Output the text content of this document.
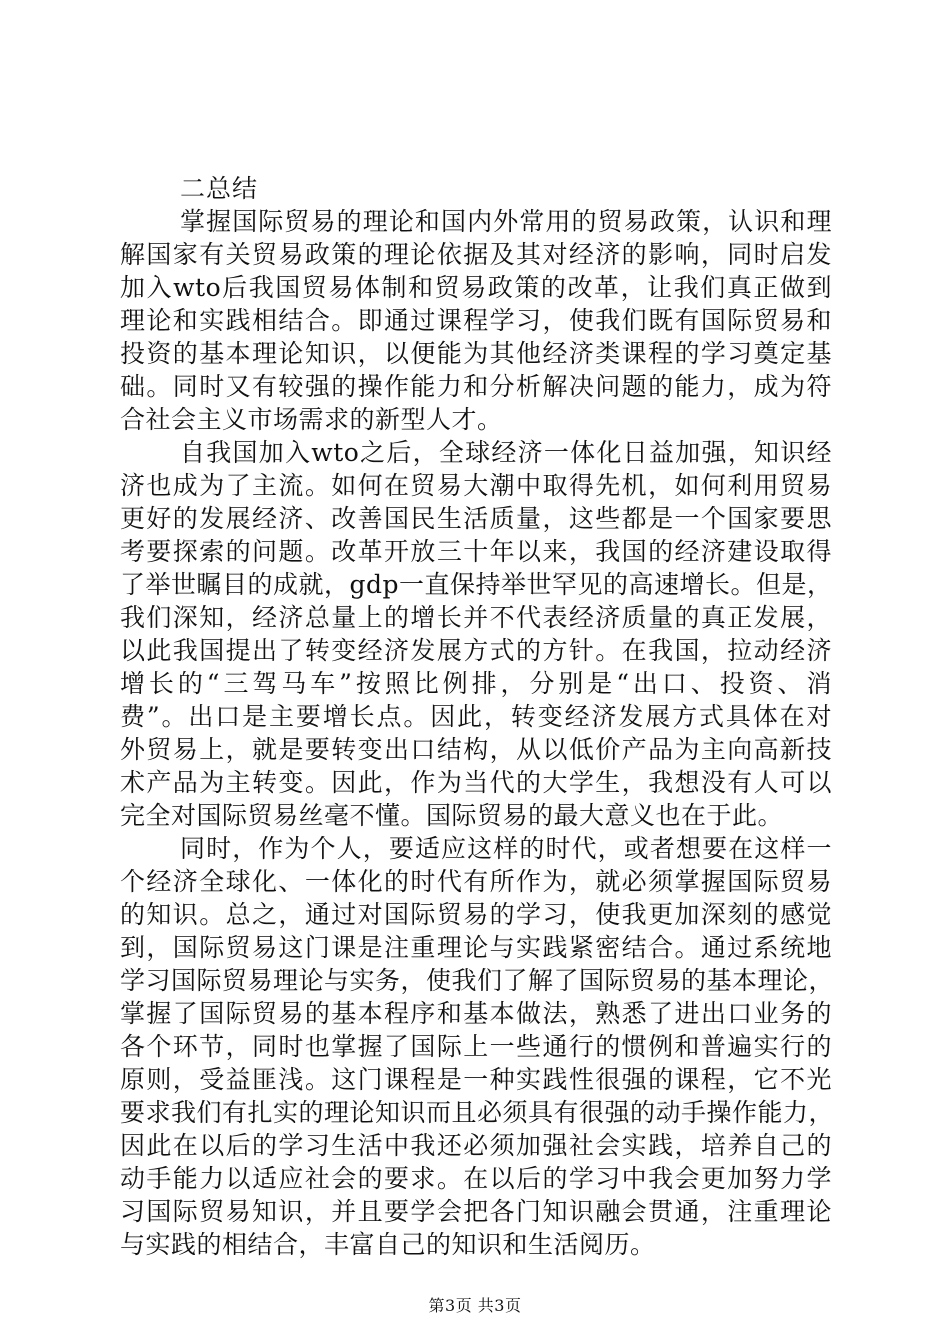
二总结
掌握国际贸易的理论和国内外常用的贸易政策，认识和理
解国家有关贸易政策的理论依据及其对经济的影响，同时启发
加入wto后我国贸易体制和贸易政策的改革，让我们真正做到
理论和实践相结合。即通过课程学习，使我们既有国际贸易和
投资的基本理论知识，以便能为其他经济类课程的学习奠定基
础。同时又有较强的操作能力和分析解决问题的能力，成为符
合社会主义市场需求的新型人才。
自我国加入wto之后，全球经济一体化日益加强，知识经
济也成为了主流。如何在贸易大潮中取得先机，如何利用贸易
更好的发展经济、改善国民生活质量，这些都是一个国家要思
考要探索的问题。改革开放三十年以来，我国的经济建设取得
了举世瞩目的成就，gdp一直保持举世罕见的高速增长。但是，
我们深知，经济总量上的增长并不代表经济质量的真正发展，
以此我国提出了转变经济发展方式的方针。在我国，拉动经济
增长的“三驾马车”按照比例排，分别是“出口、投资、消
费”。出口是主要增长点。因此，转变经济发展方式具体在对
外贸易上，就是要转变出口结构，从以低价产品为主向高新技
术产品为主转变。因此，作为当代的大学生，我想没有人可以
完全对国际贸易丝毫不懂。国际贸易的最大意义也在于此。
同时，作为个人，要适应这样的时代，或者想要在这样一
个经济全球化、一体化的时代有所作为，就必须掌握国际贸易
的知识。总之，通过对国际贸易的学习，使我更加深刻的感觉
到，国际贸易这门课是注重理论与实践紧密结合。通过系统地
学习国际贸易理论与实务，使我们了解了国际贸易的基本理论，
掌握了国际贸易的基本程序和基本做法，熟悉了进出口业务的
各个环节，同时也掌握了国际上一些通行的惯例和普遍实行的
原则，受益匪浅。这门课程是一种实践性很强的课程，它不光
要求我们有扎实的理论知识而且必须具有很强的动手操作能力，
因此在以后的学习生活中我还必须加强社会实践，培养自己的
动手能力以适应社会的要求。在以后的学习中我会更加努力学
习国际贸易知识，并且要学会把各门知识融会贯通，注重理论
与实践的相结合，丰富自己的知识和生活阅历。
第3页 共3页
